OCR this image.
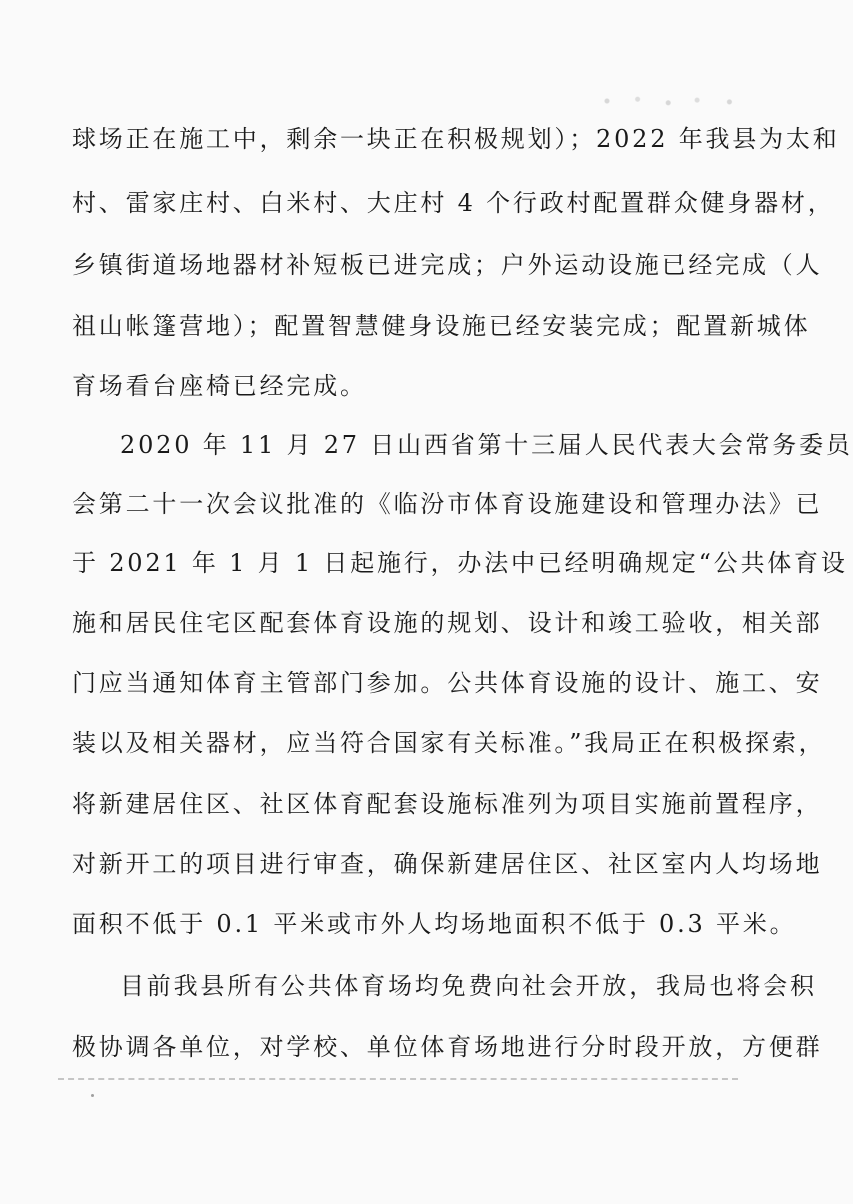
球场正在施工中，剩余一块正在积极规划）；2022 年我县为太和
村、雷家庄村、白米村、大庄村 4 个行政村配置群众健身器材，
乡镇街道场地器材补短板已进完成；户外运动设施已经完成（人
祖山帐篷营地）；配置智慧健身设施已经安装完成；配置新城体
育场看台座椅已经完成。
2020 年 11 月 27 日山西省第十三届人民代表大会常务委员
会第二十一次会议批准的《临汾市体育设施建设和管理办法》已
于 2021 年 1 月 1 日起施行，办法中已经明确规定“公共体育设
施和居民住宅区配套体育设施的规划、设计和竣工验收，相关部
门应当通知体育主管部门参加。公共体育设施的设计、施工、安
装以及相关器材，应当符合国家有关标准。”我局正在积极探索，
将新建居住区、社区体育配套设施标准列为项目实施前置程序，
对新开工的项目进行审查，确保新建居住区、社区室内人均场地
面积不低于 0.1 平米或市外人均场地面积不低于 0.3 平米。
目前我县所有公共体育场均免费向社会开放，我局也将会积
极协调各单位，对学校、单位体育场地进行分时段开放，方便群
